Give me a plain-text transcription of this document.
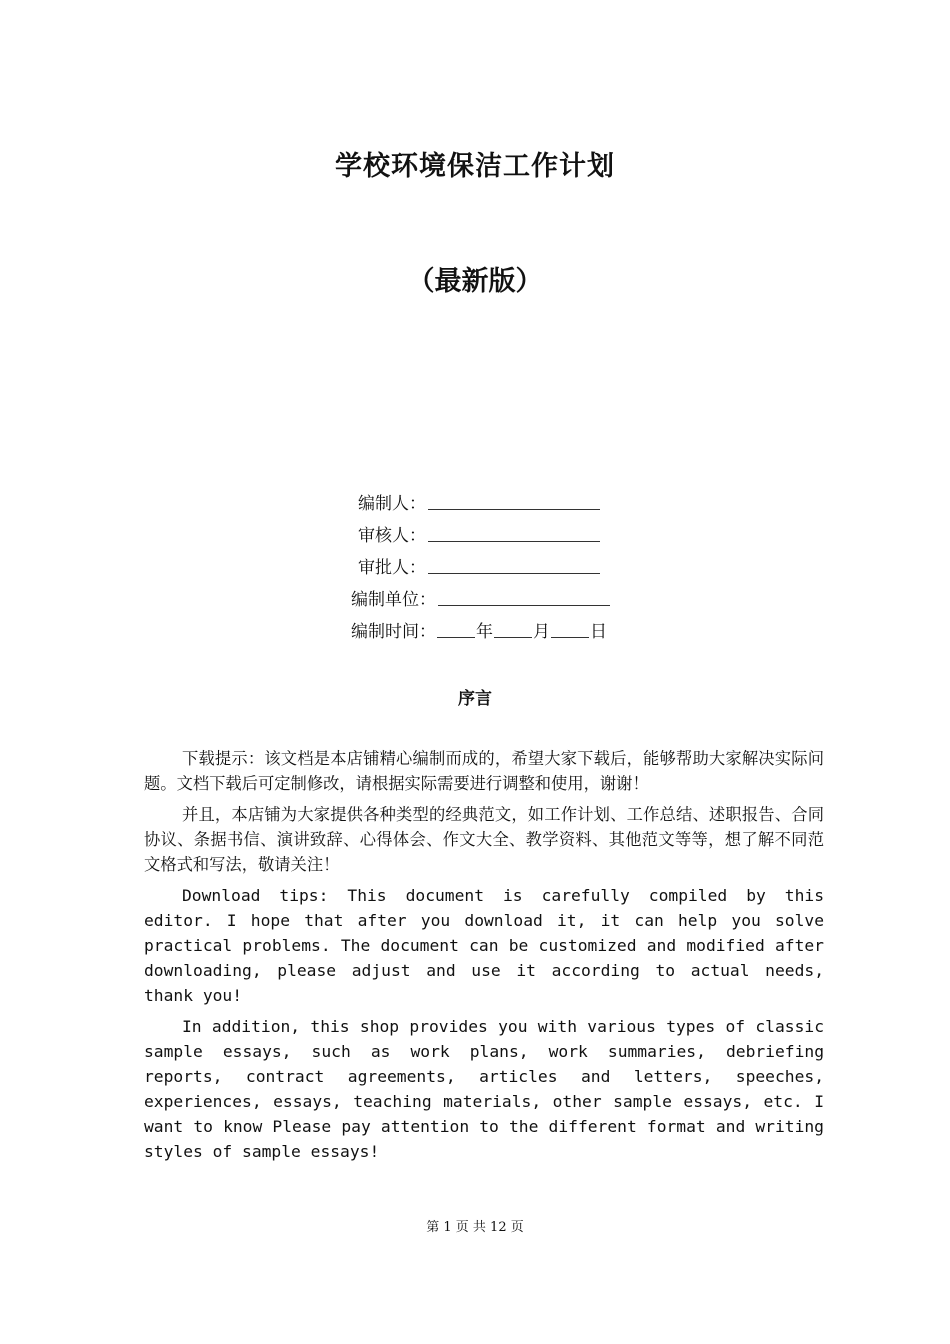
学校环境保洁工作计划
（最新版）
编制人：
审核人：
审批人：
编制单位：
编制时间： 年 月 日
序言

下载提示：该文档是本店铺精心编制而成的，希望大家下载后，能够帮助大家解决实际问题。文档下载后可定制修改，请根据实际需要进行调整和使用，谢谢！

并且，本店铺为大家提供各种类型的经典范文，如工作计划、工作总结、述职报告、合同协议、条据书信、演讲致辞、心得体会、作文大全、教学资料、其他范文等等，想了解不同范文格式和写法，敬请关注！

Download tips: This document is carefully compiled by this editor. I hope that after you download it, it can help you solve practical problems. The document can be customized and modified after downloading, please adjust and use it according to actual needs, thank you!

In addition, this shop provides you with various types of classic sample essays, such as work plans, work summaries, debriefing reports, contract agreements, articles and letters, speeches, experiences, essays, teaching materials, other sample essays, etc. I want to know Please pay attention to the different format and writing styles of sample essays!

第 1 页 共 12 页
